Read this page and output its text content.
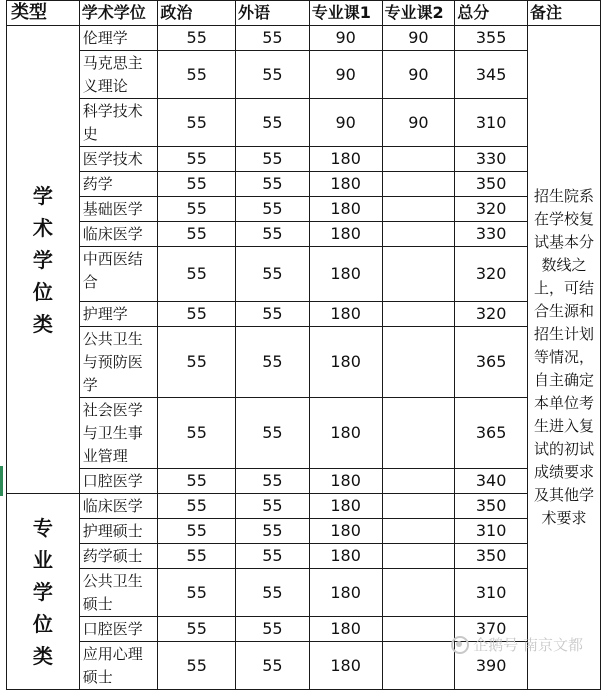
类型	学术学位	政治	外语	专业课1	专业课2	总分	备注
学术学位类	伦理学	55	55	90	90	355	招生院系在学校复试基本分数线之上，可结合生源和招生计划等情况，自主确定本单位考生进入复试的初试成绩要求及其他学术要求
	马克思主义理论	55	55	90	90	345	
	科学技术史	55	55	90	90	310	
	医学技术	55	55	180		330	
	药学	55	55	180		350	
	基础医学	55	55	180		320	
	临床医学	55	55	180		330	
	中西医结合	55	55	180		320	
	护理学	55	55	180		320	
	公共卫生与预防医学	55	55	180		365	
	社会医学与卫生事业管理	55	55	180		365	
	口腔医学	55	55	180		340	
专业学位类	临床医学	55	55	180		350	
	护理硕士	55	55	180		310	
	药学硕士	55	55	180		350	
	公共卫生硕士	55	55	180		310	
	口腔医学	55	55	180		370	
	应用心理硕士	55	55	180		390	
企鹅号 南京文都
